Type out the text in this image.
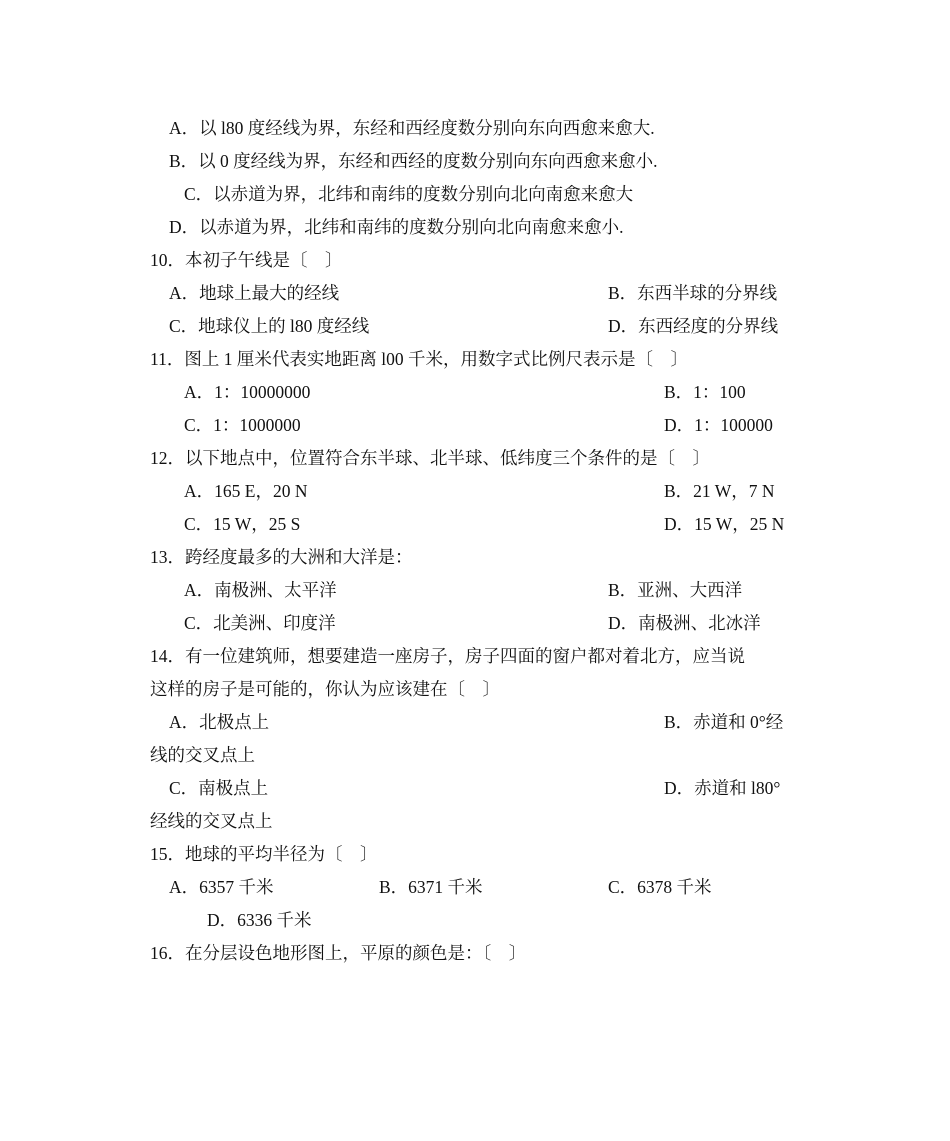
A．以 l80 度经线为界，东经和西经度数分别向东向西愈来愈大.
B．以 0 度经线为界，东经和西经的度数分别向东向西愈来愈小.
C．以赤道为界，北纬和南纬的度数分别向北向南愈来愈大
D．以赤道为界，北纬和南纬的度数分别向北向南愈来愈小.
10．本初子午线是〔　〕
A．地球上最大的经线	B．东西半球的分界线
C．地球仪上的 l80 度经线	D．东西经度的分界线
11．图上 1 厘米代表实地距离 l00 千米，用数字式比例尺表示是〔　〕
A．1：10000000	B．1：100
C．1：1000000	D．1：100000
12．以下地点中，位置符合东半球、北半球、低纬度三个条件的是〔　〕
A．165 E，20 N	B．21 W，7 N
C．15 W，25 S	D．15 W，25 N
13．跨经度最多的大洲和大洋是：
A．南极洲、太平洋	B．亚洲、大西洋
C．北美洲、印度洋	D．南极洲、北冰洋
14．有一位建筑师，想要建造一座房子，房子四面的窗户都对着北方，应当说
这样的房子是可能的，你认为应该建在〔　〕
A．北极点上	B．赤道和 0°经
线的交叉点上
C．南极点上	D．赤道和 l80°
经线的交叉点上
15．地球的平均半径为〔　〕
A．6357 千米	B．6371 千米	C．6378 千米
D．6336 千米
16．在分层设色地形图上，平原的颜色是：〔　〕
